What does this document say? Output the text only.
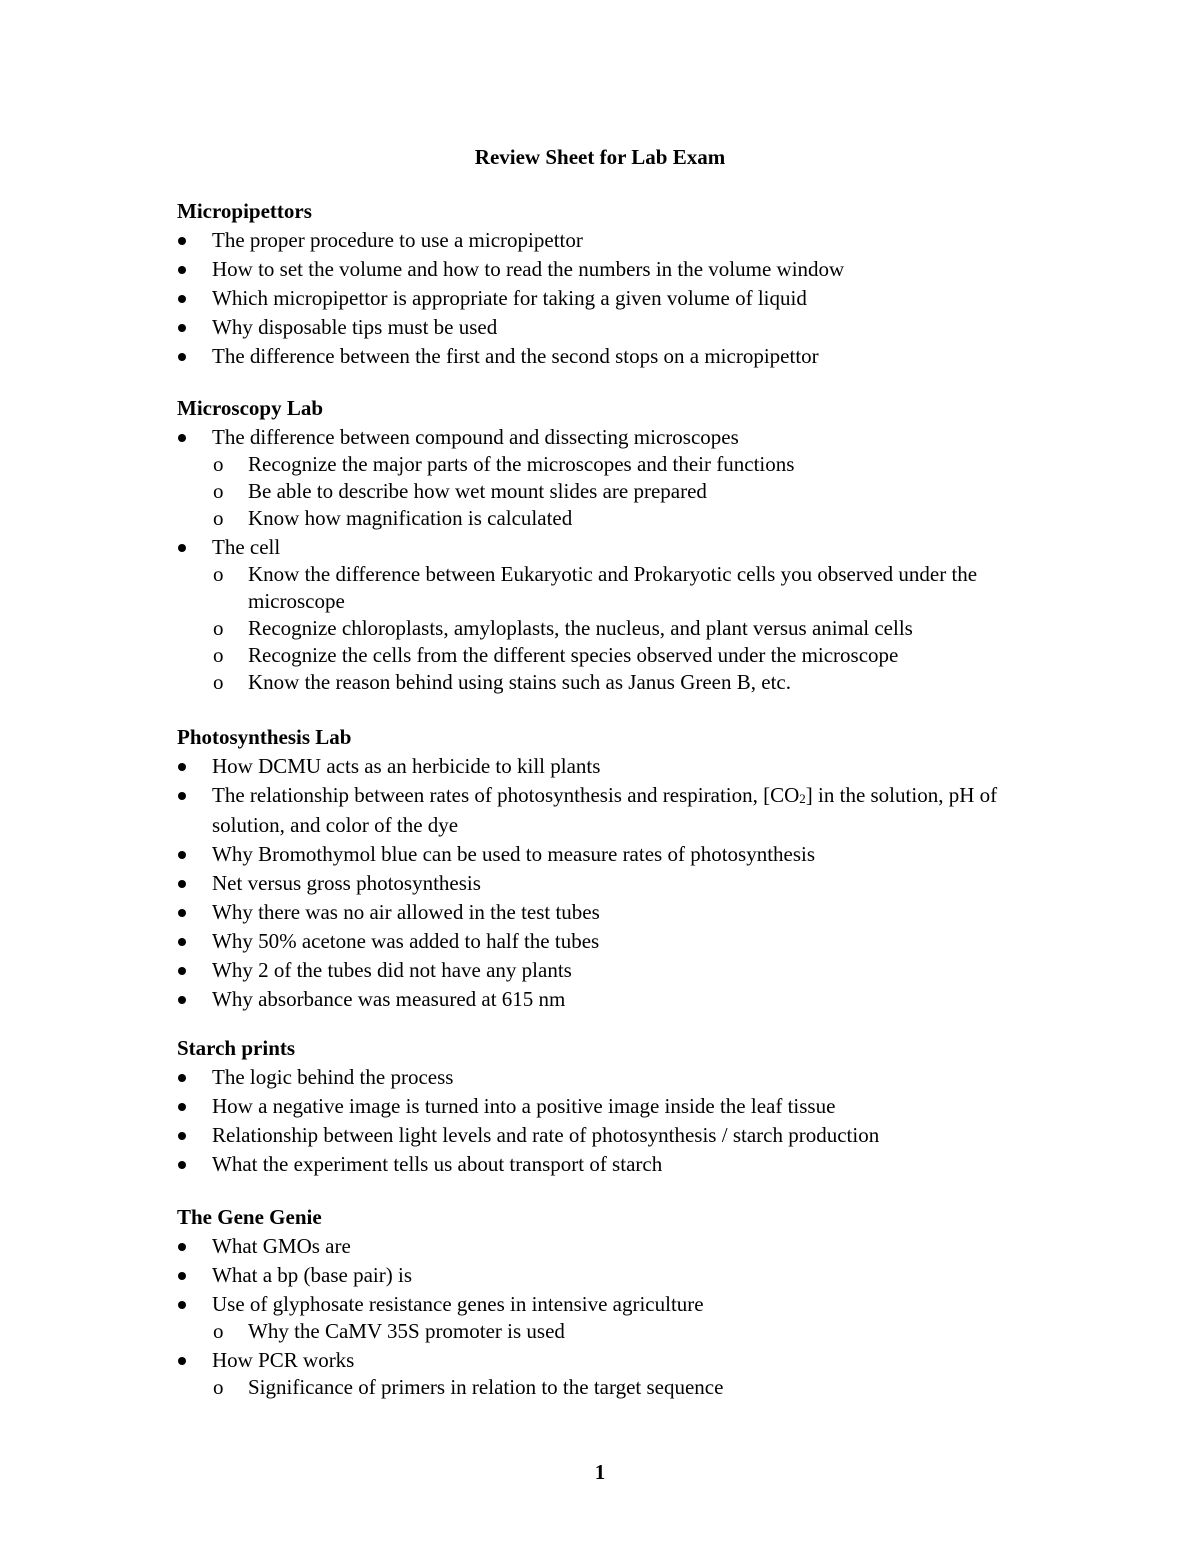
Review Sheet for Lab Exam
Micropipettors
The proper procedure to use a micropipettor
How to set the volume and how to read the numbers in the volume window
Which micropipettor is appropriate for taking a given volume of liquid
Why disposable tips must be used
The difference between the first and the second stops on a micropipettor
Microscopy Lab
The difference between compound and dissecting microscopes
o Recognize the major parts of the microscopes and their functions
o Be able to describe how wet mount slides are prepared
o Know how magnification is calculated
The cell
o Know the difference between Eukaryotic and Prokaryotic cells you observed under the microscope
o Recognize chloroplasts, amyloplasts, the nucleus, and plant versus animal cells
o Recognize the cells from the different species observed under the microscope
o Know the reason behind using stains such as Janus Green B, etc.
Photosynthesis Lab
How DCMU acts as an herbicide to kill plants
The relationship between rates of photosynthesis and respiration, $[CO_2]$ in the solution, pH of solution, and color of the dye
Why Bromothymol blue can be used to measure rates of photosynthesis
Net versus gross photosynthesis
Why there was no air allowed in the test tubes
Why 50% acetone was added to half the tubes
Why 2 of the tubes did not have any plants
Why absorbance was measured at 615 nm
Starch prints
The logic behind the process
How a negative image is turned into a positive image inside the leaf tissue
Relationship between light levels and rate of photosynthesis / starch production
What the experiment tells us about transport of starch
The Gene Genie
What GMOs are
What a bp (base pair) is
Use of glyphosate resistance genes in intensive agriculture
o Why the CaMV 35S promoter is used
How PCR works
o Significance of primers in relation to the target sequence
1
